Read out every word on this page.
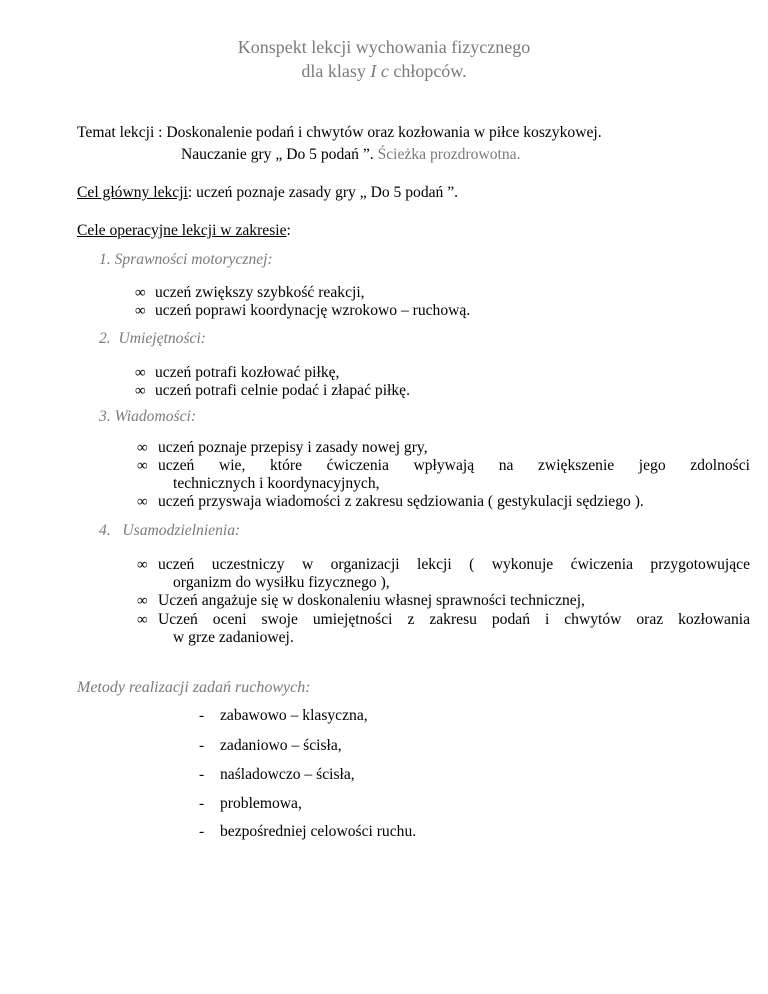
Konspekt lekcji wychowania fizycznego
dla klasy I c chłopców.
Temat lekcji : Doskonalenie podań i chwytów oraz kozłowania w piłce koszykowej.
Nauczanie gry „ Do 5 podań ”. Ścieżka prozdrowotna.
Cel główny lekcji: uczeń poznaje zasady gry „ Do 5 podań ”.
Cele operacyjne lekcji w zakresie:
1. Sprawności motorycznej:
∞ uczeń zwiększy szybkość reakcji,
∞ uczeń poprawi koordynację wzrokowo – ruchową.
2. Umiejętności:
∞ uczeń potrafi kozłować piłkę,
∞ uczeń potrafi celnie podać i złapać piłkę.
3. Wiadomości:
∞ uczeń poznaje przepisy i zasady nowej gry,
∞ uczeń wie, które ćwiczenia wpływają na zwiększenie jego zdolności
technicznych i koordynacyjnych,
∞ uczeń przyswaja wiadomości z zakresu sędziowania ( gestykulacji sędziego ).
4. Usamodzielnienia:
∞ uczeń uczestniczy w organizacji lekcji ( wykonuje ćwiczenia przygotowujące
organizm do wysiłku fizycznego ),
∞ Uczeń angażuje się w doskonaleniu własnej sprawności technicznej,
∞ Uczeń oceni swoje umiejętności z zakresu podań i chwytów oraz kozłowania
w grze zadaniowej.
Metody realizacji zadań ruchowych:
- zabawowo – klasyczna,
- zadaniowo – ścisła,
- naśladowczo – ścisła,
- problemowa,
- bezpośredniej celowości ruchu.
